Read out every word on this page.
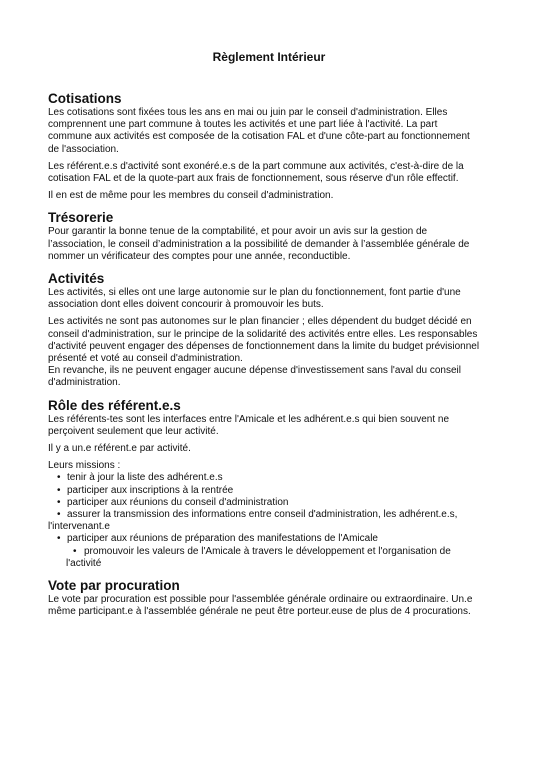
Règlement Intérieur
Cotisations

Les cotisations sont fixées tous les ans en mai ou juin par le conseil d'administration. Elles comprennent une part commune à toutes les activités et une part liée à l'activité. La part commune aux activités est composée de la cotisation FAL et d'une côte-part au fonctionnement de l'association.

Les référent.e.s d'activité sont exonéré.e.s de la part commune aux activités, c'est-à-dire de la cotisation FAL et de la quote-part aux frais de fonctionnement, sous réserve d'un rôle effectif.

Il en est de même pour les membres du conseil d'administration.

Trésorerie

Pour garantir la bonne tenue de la comptabilité, et pour avoir un avis sur la gestion de l’association, le conseil d’administration a la possibilité de demander à l’assemblée générale de nommer un vérificateur des comptes pour une année, reconductible.

Activités

Les activités, si elles ont une large autonomie sur le plan du fonctionnement, font partie d'une association dont elles doivent concourir à promouvoir les buts.

Les activités ne sont pas autonomes sur le plan financier ; elles dépendent du budget décidé en conseil d'administration, sur le principe de la solidarité des activités entre elles. Les responsables d'activité peuvent engager des dépenses de fonctionnement dans la limite du budget prévisionnel présenté et voté au conseil d'administration.

En revanche, ils ne peuvent engager aucune dépense d'investissement sans l'aval du conseil d'administration.

Rôle des référent.e.s

Les référents-tes sont les interfaces entre l'Amicale et les adhérent.e.s qui bien souvent ne perçoivent seulement que leur activité.

Il y a un.e référent.e par activité.

Leurs missions :

• tenir à jour la liste des adhérent.e.s
• participer aux inscriptions à la rentrée
• participer aux réunions du conseil d'administration
• assurer la transmission des informations entre conseil d'administration, les adhérent.e.s, l'intervenant.e
• participer aux réunions de préparation des manifestations de l'Amicale
• promouvoir les valeurs de l'Amicale à travers le développement et l'organisation de l'activité
Vote par procuration

Le vote par procuration est possible pour l'assemblée générale ordinaire ou extraordinaire. Un.e même participant.e à l'assemblée générale ne peut être porteur.euse de plus de 4 procurations.
